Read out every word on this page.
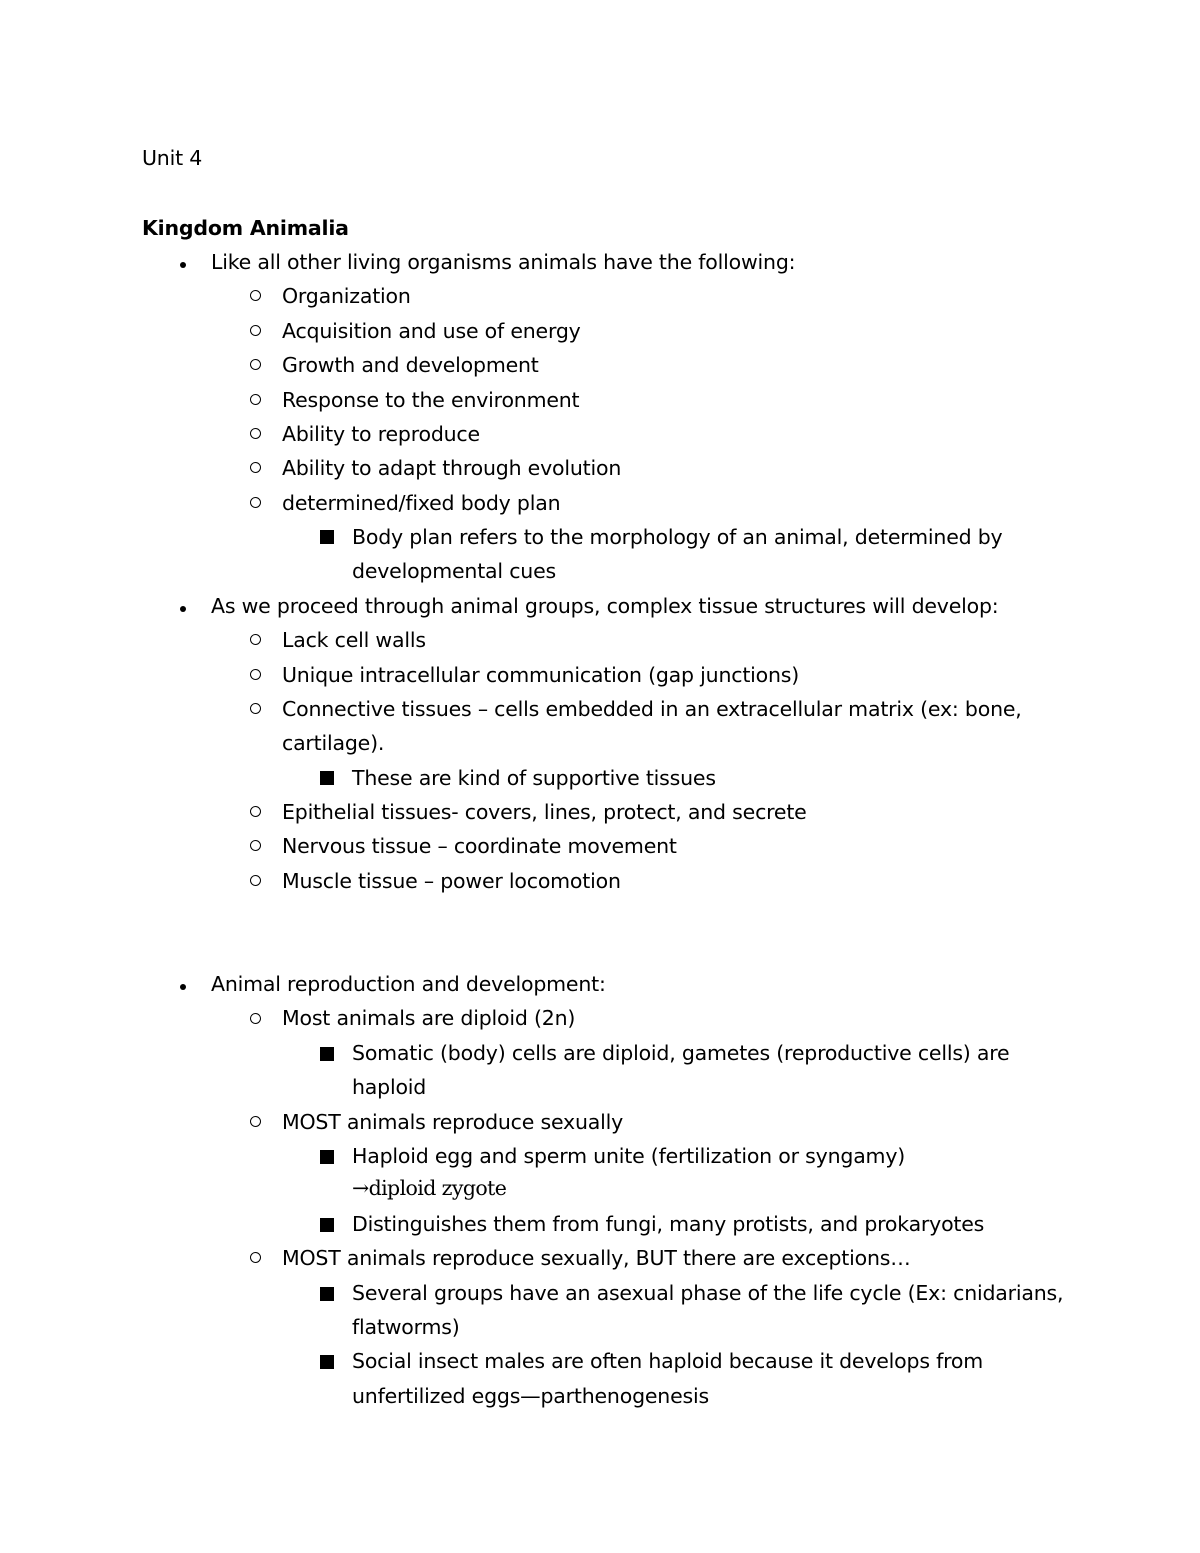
Unit 4
Kingdom Animalia
Like all other living organisms animals have the following:
Organization
Acquisition and use of energy
Growth and development
Response to the environment
Ability to reproduce
Ability to adapt through evolution
determined/fixed body plan
Body plan refers to the morphology of an animal, determined by
developmental cues
As we proceed through animal groups, complex tissue structures will develop:
Lack cell walls
Unique intracellular communication (gap junctions)
Connective tissues – cells embedded in an extracellular matrix (ex: bone,
cartilage).
These are kind of supportive tissues
Epithelial tissues- covers, lines, protect, and secrete
Nervous tissue – coordinate movement
Muscle tissue – power locomotion
Animal reproduction and development:
Most animals are diploid (2n)
Somatic (body) cells are diploid, gametes (reproductive cells) are
haploid
MOST animals reproduce sexually
Haploid egg and sperm unite (fertilization or syngamy)
→diploid zygote
Distinguishes them from fungi, many protists, and prokaryotes
MOST animals reproduce sexually, BUT there are exceptions…
Several groups have an asexual phase of the life cycle (Ex: cnidarians,
flatworms)
Social insect males are often haploid because it develops from
unfertilized eggs—parthenogenesis
